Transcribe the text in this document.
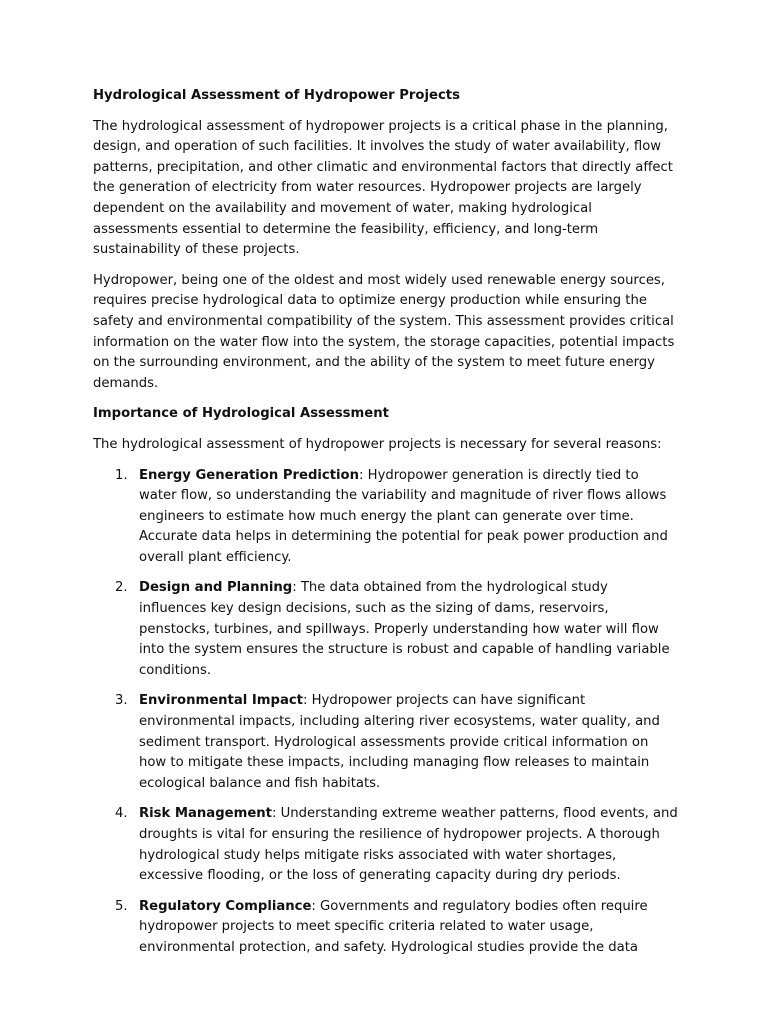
Hydrological Assessment of Hydropower Projects

The hydrological assessment of hydropower projects is a critical phase in the planning, design, and operation of such facilities. It involves the study of water availability, flow patterns, precipitation, and other climatic and environmental factors that directly affect the generation of electricity from water resources. Hydropower projects are largely dependent on the availability and movement of water, making hydrological assessments essential to determine the feasibility, efficiency, and long-term sustainability of these projects.

Hydropower, being one of the oldest and most widely used renewable energy sources, requires precise hydrological data to optimize energy production while ensuring the safety and environmental compatibility of the system. This assessment provides critical information on the water flow into the system, the storage capacities, potential impacts on the surrounding environment, and the ability of the system to meet future energy demands.

Importance of Hydrological Assessment

The hydrological assessment of hydropower projects is necessary for several reasons:

1. Energy Generation Prediction: Hydropower generation is directly tied to water flow, so understanding the variability and magnitude of river flows allows engineers to estimate how much energy the plant can generate over time. Accurate data helps in determining the potential for peak power production and overall plant efficiency.
2. Design and Planning: The data obtained from the hydrological study influences key design decisions, such as the sizing of dams, reservoirs, penstocks, turbines, and spillways. Properly understanding how water will flow into the system ensures the structure is robust and capable of handling variable conditions.
3. Environmental Impact: Hydropower projects can have significant environmental impacts, including altering river ecosystems, water quality, and sediment transport. Hydrological assessments provide critical information on how to mitigate these impacts, including managing flow releases to maintain ecological balance and fish habitats.
4. Risk Management: Understanding extreme weather patterns, flood events, and droughts is vital for ensuring the resilience of hydropower projects. A thorough hydrological study helps mitigate risks associated with water shortages, excessive flooding, or the loss of generating capacity during dry periods.
5. Regulatory Compliance: Governments and regulatory bodies often require hydropower projects to meet specific criteria related to water usage, environmental protection, and safety. Hydrological studies provide the data
